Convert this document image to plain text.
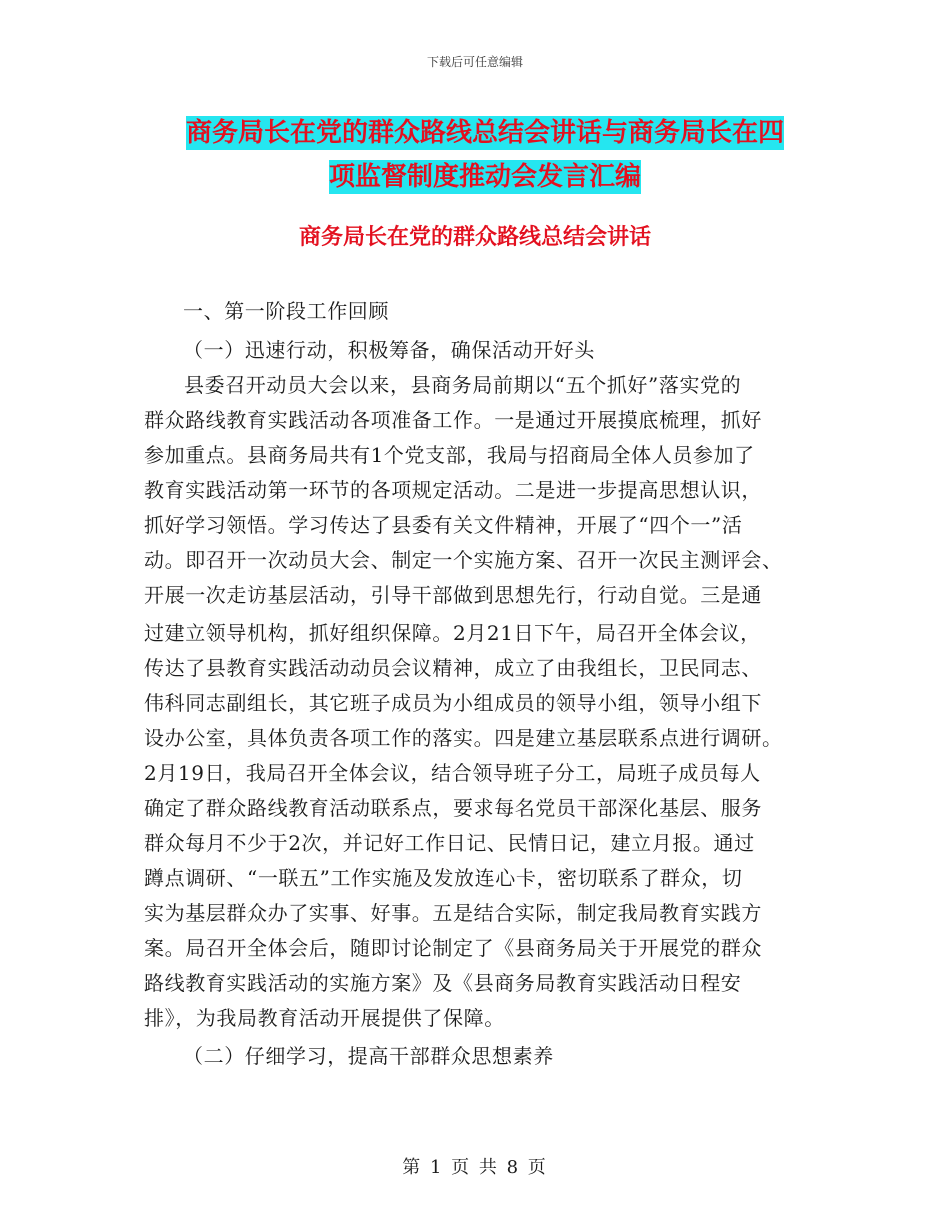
下载后可任意编辑
商务局长在党的群众路线总结会讲话与商务局长在四
项监督制度推动会发言汇编
商务局长在党的群众路线总结会讲话
一、第一阶段工作回顾
（一）迅速行动，积极筹备，确保活动开好头
县委召开动员大会以来，县商务局前期以“五个抓好”落实党的
群众路线教育实践活动各项准备工作。一是通过开展摸底梳理，抓好
参加重点。县商务局共有1个党支部，我局与招商局全体人员参加了
教育实践活动第一环节的各项规定活动。二是进一步提高思想认识，
抓好学习领悟。学习传达了县委有关文件精神，开展了“四个一”活
动。即召开一次动员大会、制定一个实施方案、召开一次民主测评会、
开展一次走访基层活动，引导干部做到思想先行，行动自觉。三是通
过建立领导机构，抓好组织保障。2月21日下午，局召开全体会议，
传达了县教育实践活动动员会议精神，成立了由我组长，卫民同志、
伟科同志副组长，其它班子成员为小组成员的领导小组，领导小组下
设办公室，具体负责各项工作的落实。四是建立基层联系点进行调研。
2月19日，我局召开全体会议，结合领导班子分工，局班子成员每人
确定了群众路线教育活动联系点，要求每名党员干部深化基层、服务
群众每月不少于2次，并记好工作日记、民情日记，建立月报。通过
蹲点调研、“一联五”工作实施及发放连心卡，密切联系了群众，切
实为基层群众办了实事、好事。五是结合实际，制定我局教育实践方
案。局召开全体会后，随即讨论制定了《县商务局关于开展党的群众
路线教育实践活动的实施方案》及《县商务局教育实践活动日程安
排》，为我局教育活动开展提供了保障。
（二）仔细学习，提高干部群众思想素养
第 1 页 共 8 页
